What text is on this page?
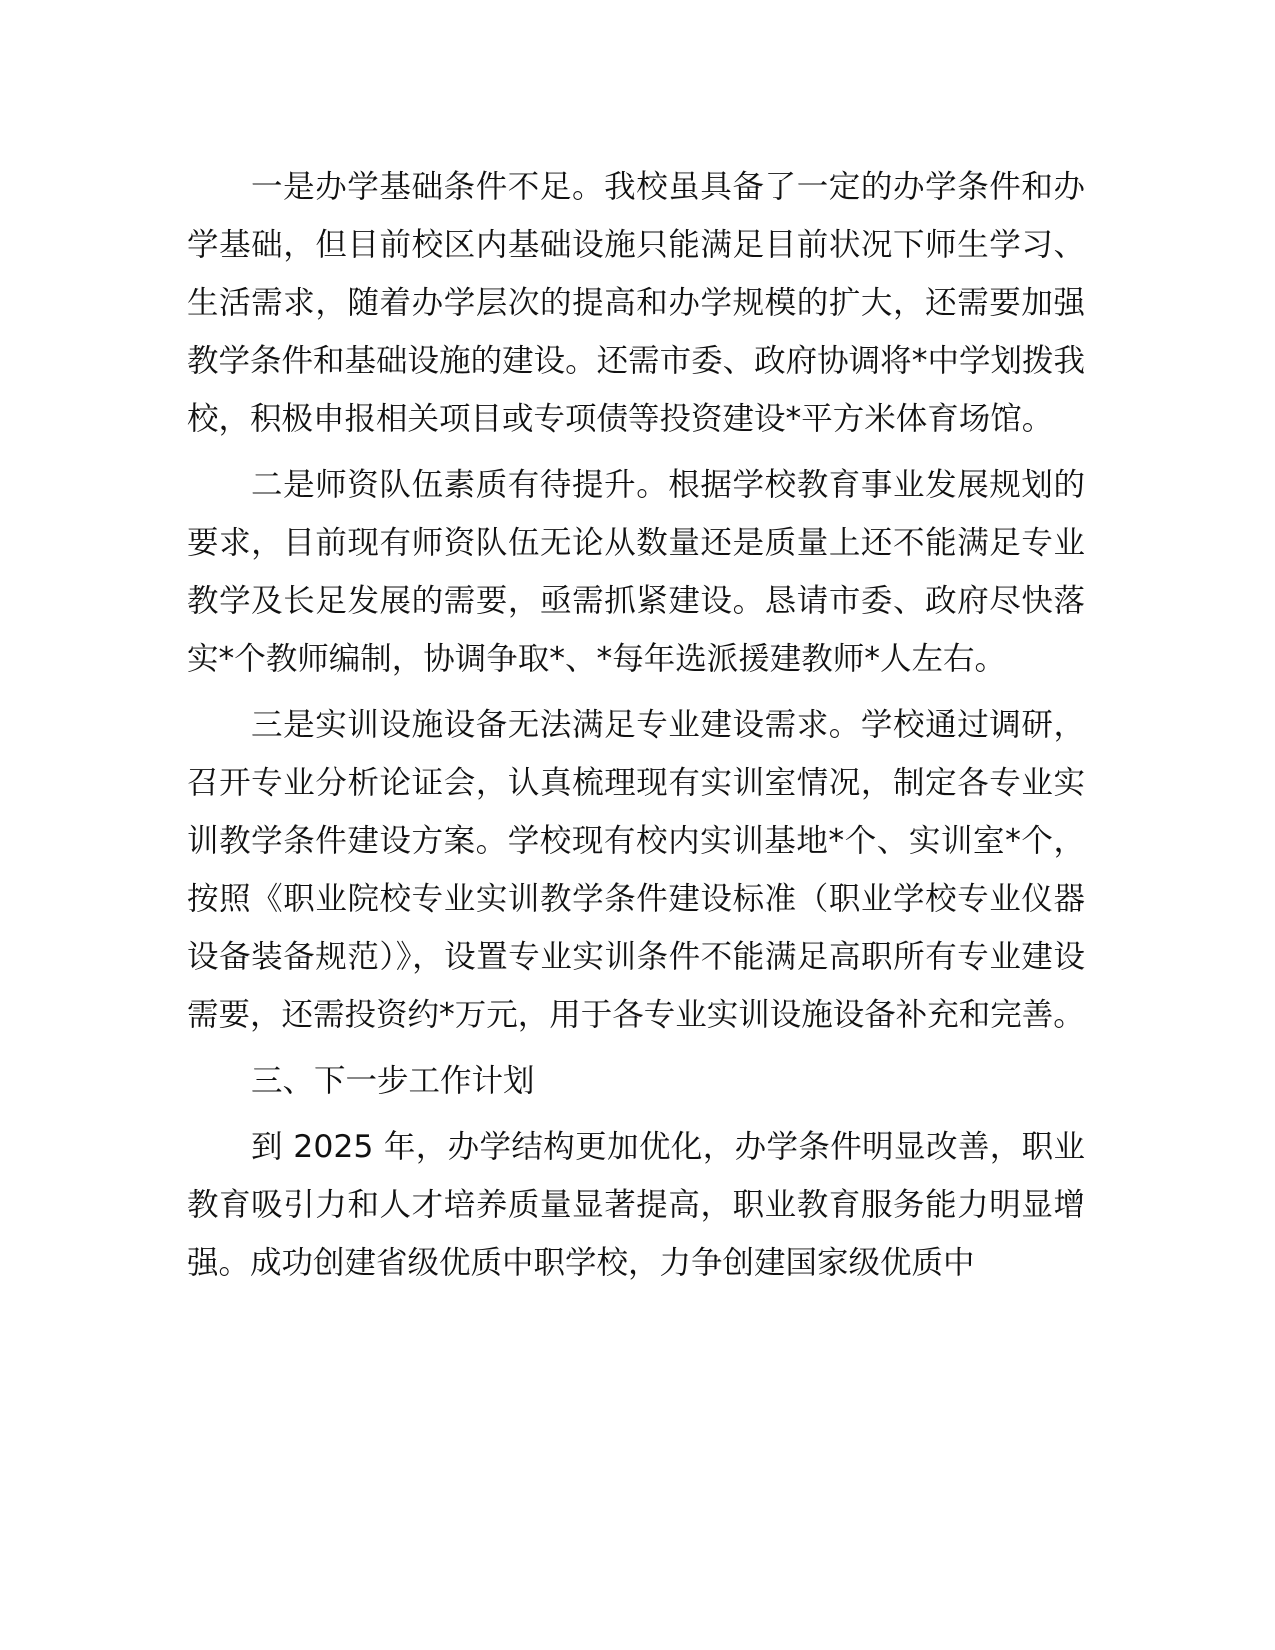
一是办学基础条件不足。我校虽具备了一定的办学条件和办学基础，但目前校区内基础设施只能满足目前状况下师生学习、生活需求，随着办学层次的提高和办学规模的扩大，还需要加强教学条件和基础设施的建设。还需市委、政府协调将*中学划拨我校，积极申报相关项目或专项债等投资建设*平方米体育场馆。

二是师资队伍素质有待提升。根据学校教育事业发展规划的要求，目前现有师资队伍无论从数量还是质量上还不能满足专业教学及长足发展的需要，亟需抓紧建设。恳请市委、政府尽快落实*个教师编制，协调争取*、*每年选派援建教师*人左右。

三是实训设施设备无法满足专业建设需求。学校通过调研，召开专业分析论证会，认真梳理现有实训室情况，制定各专业实训教学条件建设方案。学校现有校内实训基地*个、实训室*个，按照《职业院校专业实训教学条件建设标准（职业学校专业仪器设备装备规范）》，设置专业实训条件不能满足高职所有专业建设需要，还需投资约*万元，用于各专业实训设施设备补充和完善。

三、下一步工作计划

到 2025 年，办学结构更加优化，办学条件明显改善，职业教育吸引力和人才培养质量显著提高，职业教育服务能力明显增强。成功创建省级优质中职学校，力争创建国家级优质中
